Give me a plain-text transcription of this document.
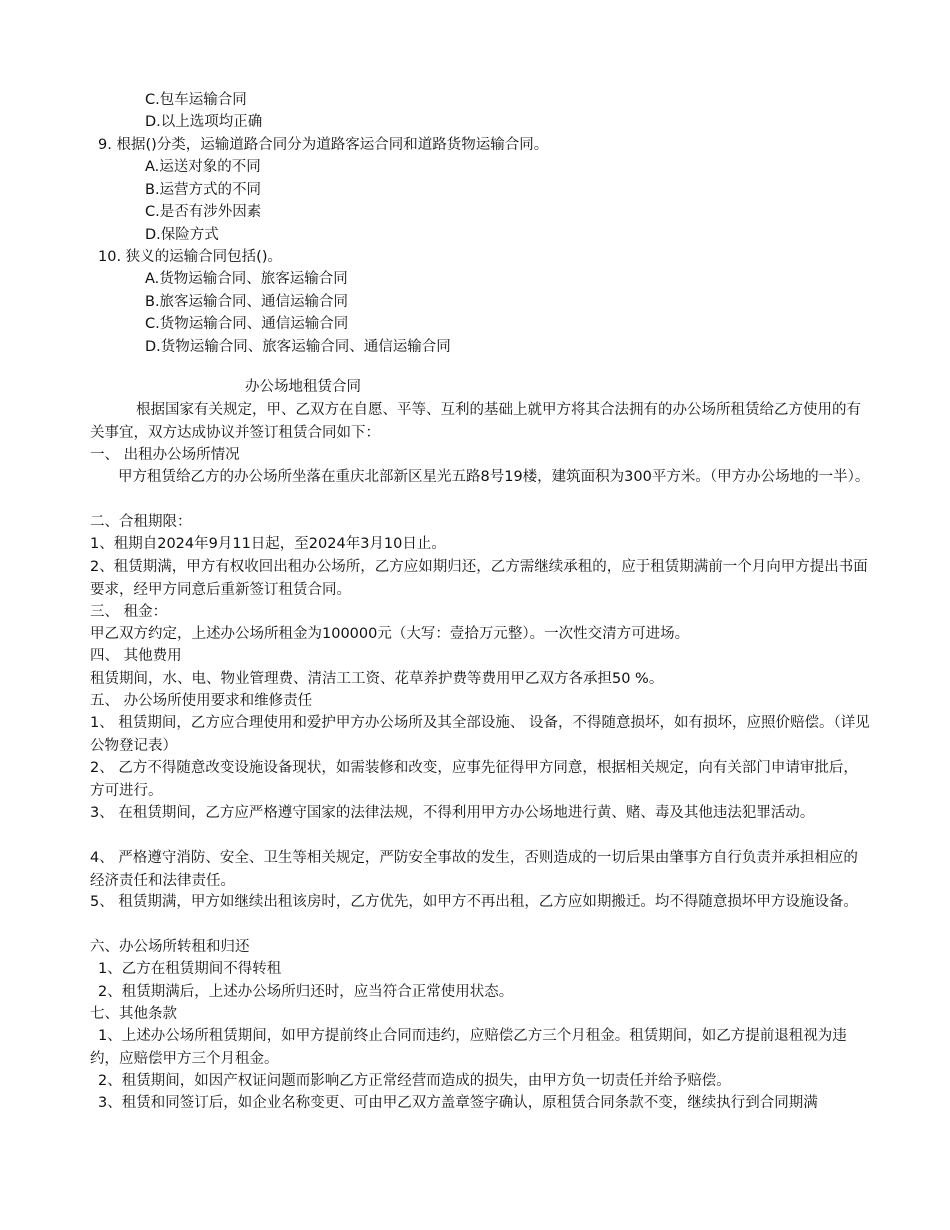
C.包车运输合同
D.以上选项均正确
9. 根据()分类，运输道路合同分为道路客运合同和道路货物运输合同。
A.运送对象的不同
B.运营方式的不同
C.是否有涉外因素
D.保险方式
10. 狭义的运输合同包括()。
A.货物运输合同、旅客运输合同
B.旅客运输合同、通信运输合同
C.货物运输合同、通信运输合同
D.货物运输合同、旅客运输合同、通信运输合同
办公场地租赁合同
根据国家有关规定，甲、乙双方在自愿、平等、互利的基础上就甲方将其合法拥有的办公场所租赁给乙方使用的有关事宜，双方达成协议并签订租赁合同如下：
一、 出租办公场所情况
甲方租赁给乙方的办公场所坐落在重庆北部新区星光五路8号19楼，建筑面积为300平方米。（甲方办公场地的一半）。
二、合租期限：
1、租期自2024年9月11日起，至2024年3月10日止。
2、租赁期满，甲方有权收回出租办公场所，乙方应如期归还，乙方需继续承租的，应于租赁期满前一个月向甲方提出书面要求，经甲方同意后重新签订租赁合同。
三、 租金：
甲乙双方约定，上述办公场所租金为100000元（大写：壹拾万元整）。一次性交清方可进场。
四、 其他费用
租赁期间，水、电、物业管理费、清洁工工资、花草养护费等费用甲乙双方各承担50 %。
五、 办公场所使用要求和维修责任
1、 租赁期间，乙方应合理使用和爱护甲方办公场所及其全部设施、 设备，不得随意损坏，如有损坏，应照价赔偿。（详见公物登记表）
2、 乙方不得随意改变设施设备现状，如需装修和改变，应事先征得甲方同意，根据相关规定，向有关部门申请审批后，方可进行。
3、 在租赁期间，乙方应严格遵守国家的法律法规，不得利用甲方办公场地进行黄、赌、毒及其他违法犯罪活动。
4、 严格遵守消防、安全、卫生等相关规定，严防安全事故的发生，否则造成的一切后果由肇事方自行负责并承担相应的经济责任和法律责任。
5、 租赁期满，甲方如继续出租该房时，乙方优先，如甲方不再出租，乙方应如期搬迁。均不得随意损坏甲方设施设备。
六、办公场所转租和归还
1、乙方在租赁期间不得转租
2、租赁期满后，上述办公场所归还时，应当符合正常使用状态。
七、其他条款
1、上述办公场所租赁期间，如甲方提前终止合同而违约，应赔偿乙方三个月租金。租赁期间，如乙方提前退租视为违约，应赔偿甲方三个月租金。
2、租赁期间，如因产权证问题而影响乙方正常经营而造成的损失，由甲方负一切责任并给予赔偿。
3、租赁和同签订后，如企业名称变更、可由甲乙双方盖章签字确认，原租赁合同条款不变，继续执行到合同期满
